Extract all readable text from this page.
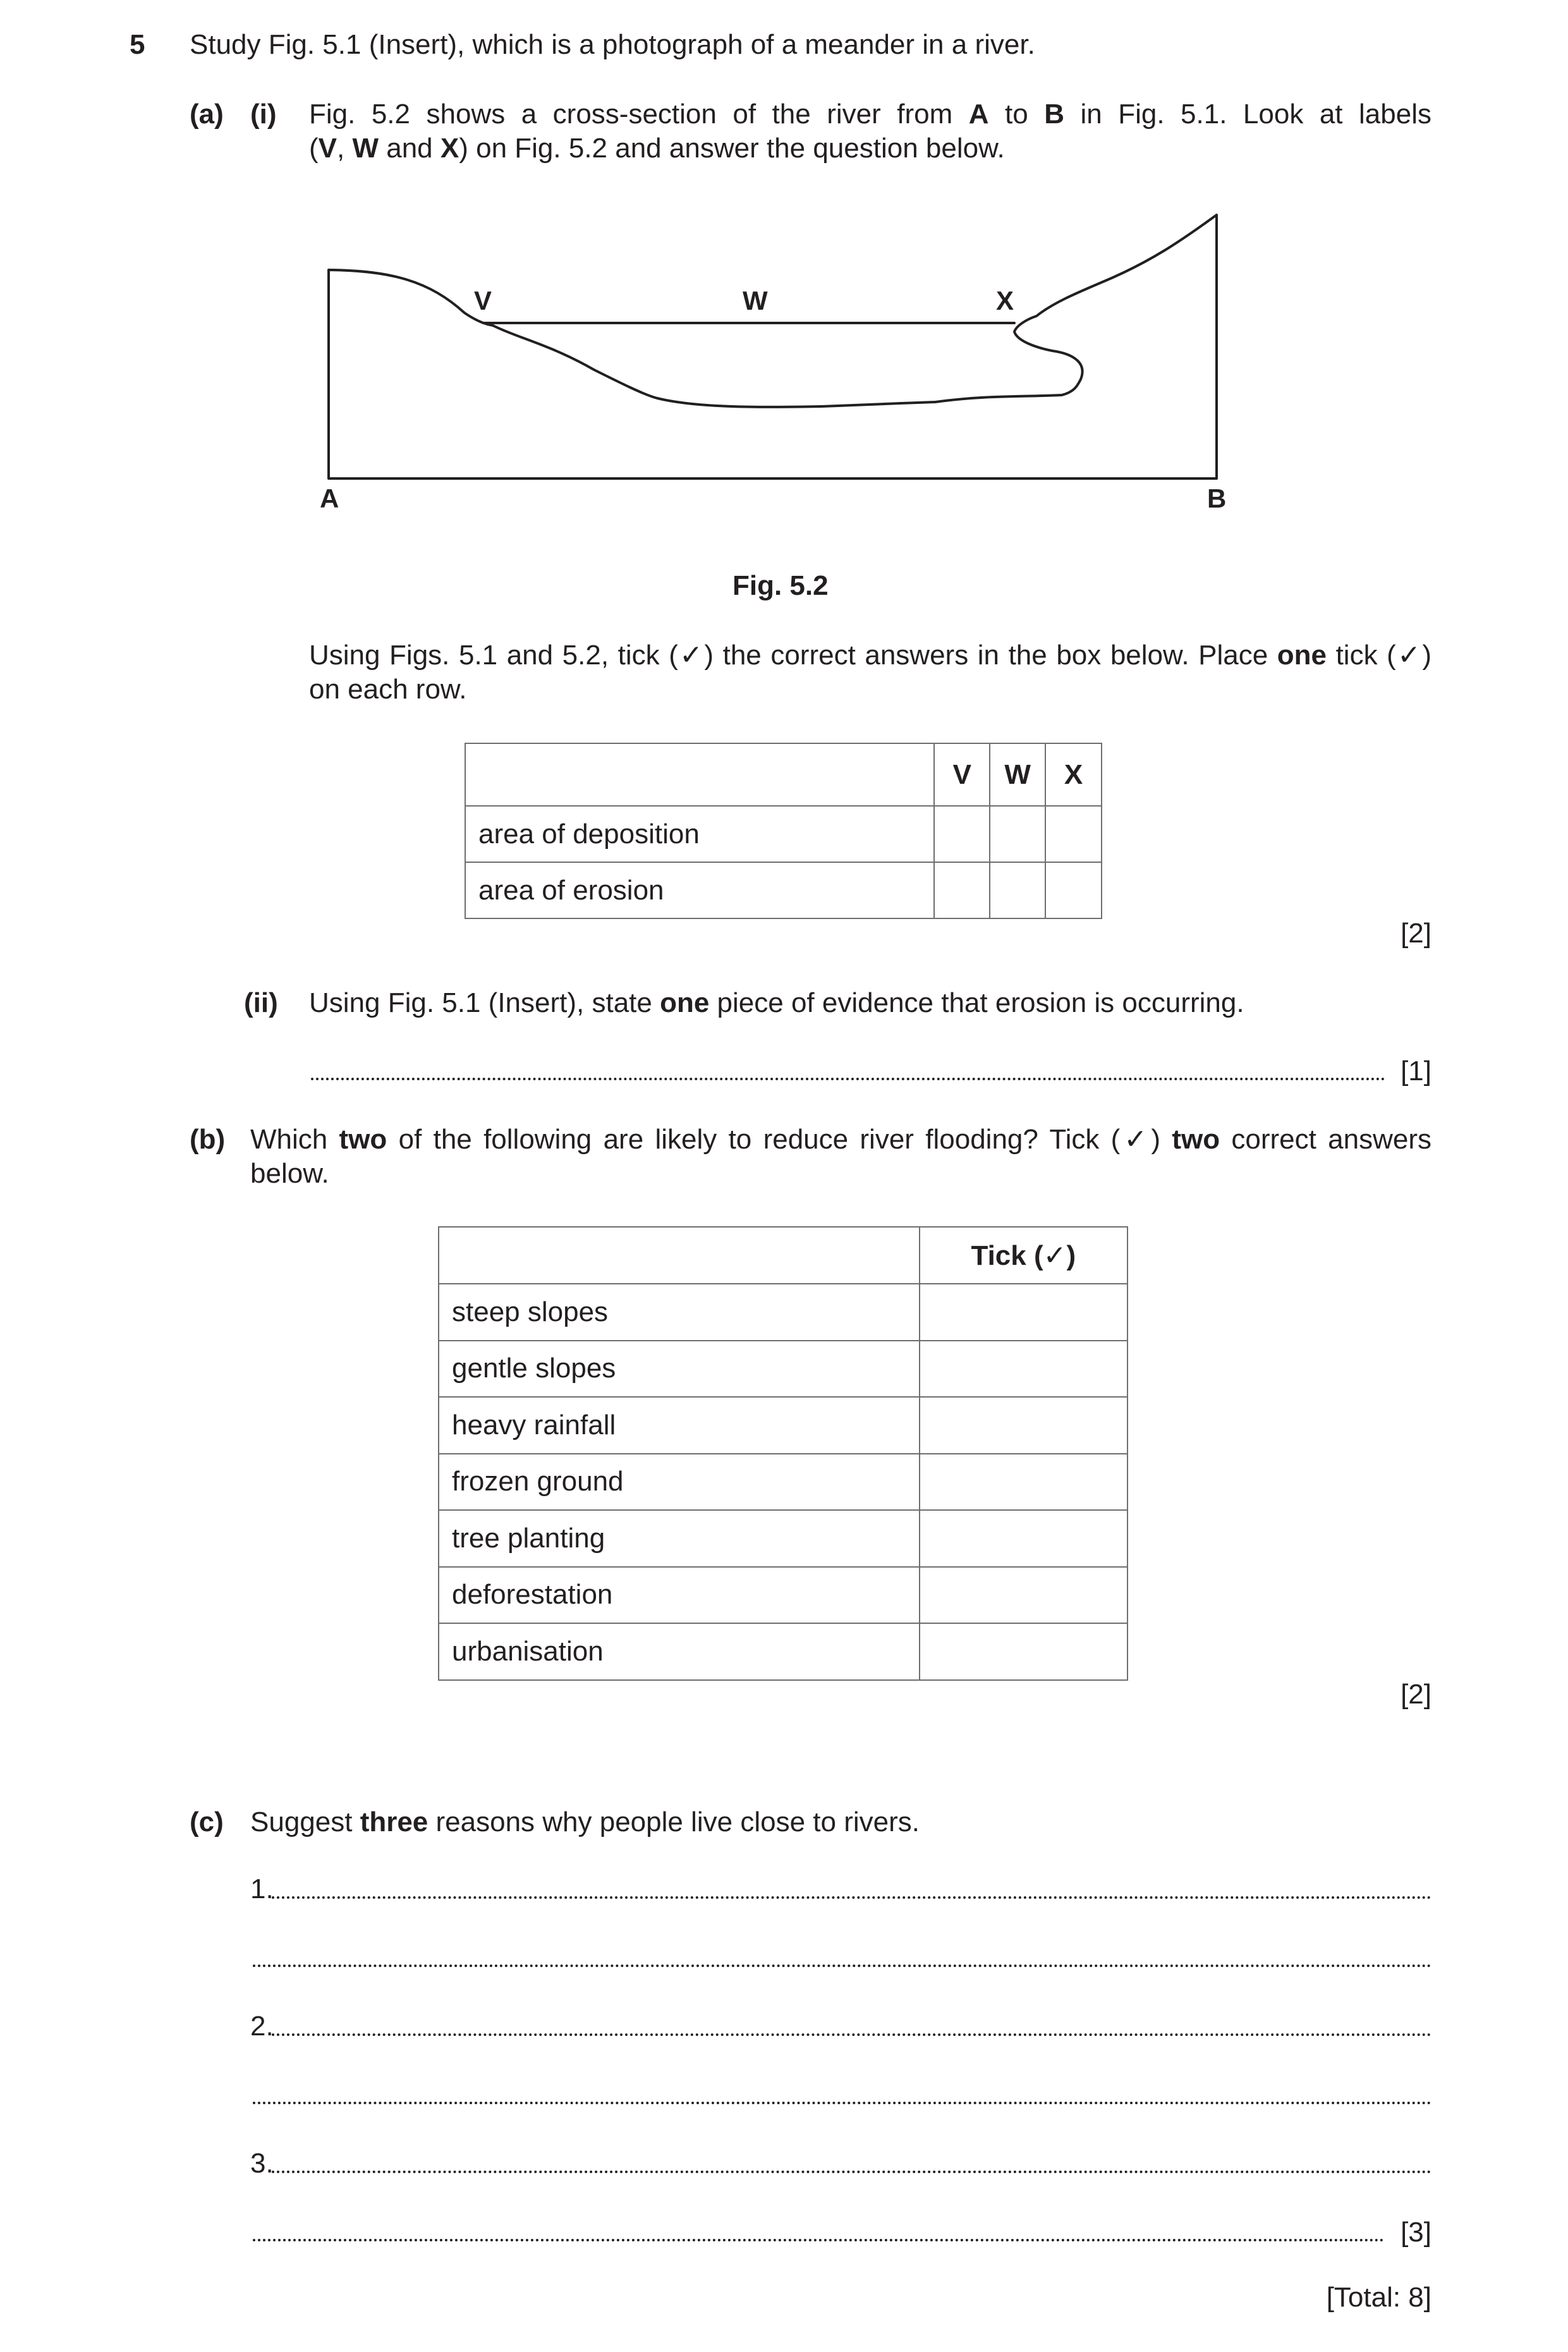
5 Study Fig. 5.1 (Insert), which is a photograph of a meander in a river.
(a) (i) Fig. 5.2 shows a cross-section of the river from A to B in Fig. 5.1. Look at labels
(V, W and X) on Fig. 5.2 and answer the question below.
V	W	X
A	B
Fig. 5.2
Using Figs. 5.1 and 5.2, tick (✓) the correct answers in the box below. Place one tick (✓)
on each row.
	V	W	X
area of deposition			
area of erosion			
[2]
(ii) Using Fig. 5.1 (Insert), state one piece of evidence that erosion is occurring.
[1]
(b) Which two of the following are likely to reduce river flooding? Tick (✓) two correct answers
below.
	Tick (✓)
steep slopes	
gentle slopes	
heavy rainfall	
frozen ground	
tree planting	
deforestation	
urbanisation	
[2]
(c) Suggest three reasons why people live close to rivers.
1.
2.
3.
[3]
[Total: 8]
